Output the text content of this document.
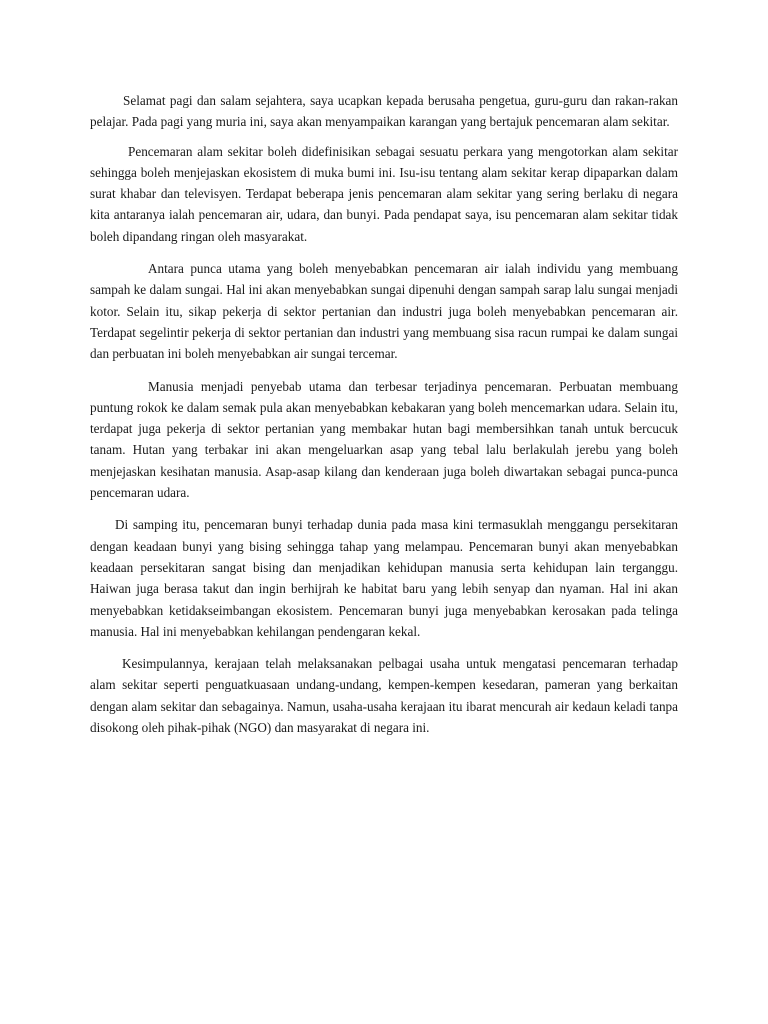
Selamat pagi dan salam sejahtera, saya ucapkan kepada berusaha pengetua, guru-guru dan rakan-rakan pelajar. Pada pagi yang muria ini, saya akan menyampaikan karangan yang bertajuk pencemaran alam sekitar.

Pencemaran alam sekitar boleh didefinisikan sebagai sesuatu perkara yang mengotorkan alam sekitar sehingga boleh menjejaskan ekosistem di muka bumi ini. Isu-isu tentang alam sekitar kerap dipaparkan dalam surat khabar dan televisyen. Terdapat beberapa jenis pencemaran alam sekitar yang sering berlaku di negara kita antaranya ialah pencemaran air, udara, dan bunyi. Pada pendapat saya, isu pencemaran alam sekitar tidak boleh dipandang ringan oleh masyarakat.

Antara punca utama yang boleh menyebabkan pencemaran air ialah individu yang membuang sampah ke dalam sungai. Hal ini akan menyebabkan sungai dipenuhi dengan sampah sarap lalu sungai menjadi kotor. Selain itu, sikap pekerja di sektor pertanian dan industri juga boleh menyebabkan pencemaran air. Terdapat segelintir pekerja di sektor pertanian dan industri yang membuang sisa racun rumpai ke dalam sungai dan perbuatan ini boleh menyebabkan air sungai tercemar.

Manusia menjadi penyebab utama dan terbesar terjadinya pencemaran. Perbuatan membuang puntung rokok ke dalam semak pula akan menyebabkan kebakaran yang boleh mencemarkan udara. Selain itu, terdapat juga pekerja di sektor pertanian yang membakar hutan bagi membersihkan tanah untuk bercucuk tanam. Hutan yang terbakar ini akan mengeluarkan asap yang tebal lalu berlakulah jerebu yang boleh menjejaskan kesihatan manusia. Asap-asap kilang dan kenderaan juga boleh diwartakan sebagai punca-punca pencemaran udara.

Di samping itu, pencemaran bunyi terhadap dunia pada masa kini termasuklah menggangu persekitaran dengan keadaan bunyi yang bising sehingga tahap yang melampau. Pencemaran bunyi akan menyebabkan keadaan persekitaran sangat bising dan menjadikan kehidupan manusia serta kehidupan lain terganggu. Haiwan juga berasa takut dan ingin berhijrah ke habitat baru yang lebih senyap dan nyaman. Hal ini akan menyebabkan ketidakseimbangan ekosistem. Pencemaran bunyi juga menyebabkan kerosakan pada telinga manusia. Hal ini menyebabkan kehilangan pendengaran kekal.

Kesimpulannya, kerajaan telah melaksanakan pelbagai usaha untuk mengatasi pencemaran terhadap alam sekitar seperti penguatkuasaan undang-undang, kempen-kempen kesedaran, pameran yang berkaitan dengan alam sekitar dan sebagainya. Namun, usaha-usaha kerajaan itu ibarat mencurah air kedaun keladi tanpa disokong oleh pihak-pihak (NGO) dan masyarakat di negara ini.
